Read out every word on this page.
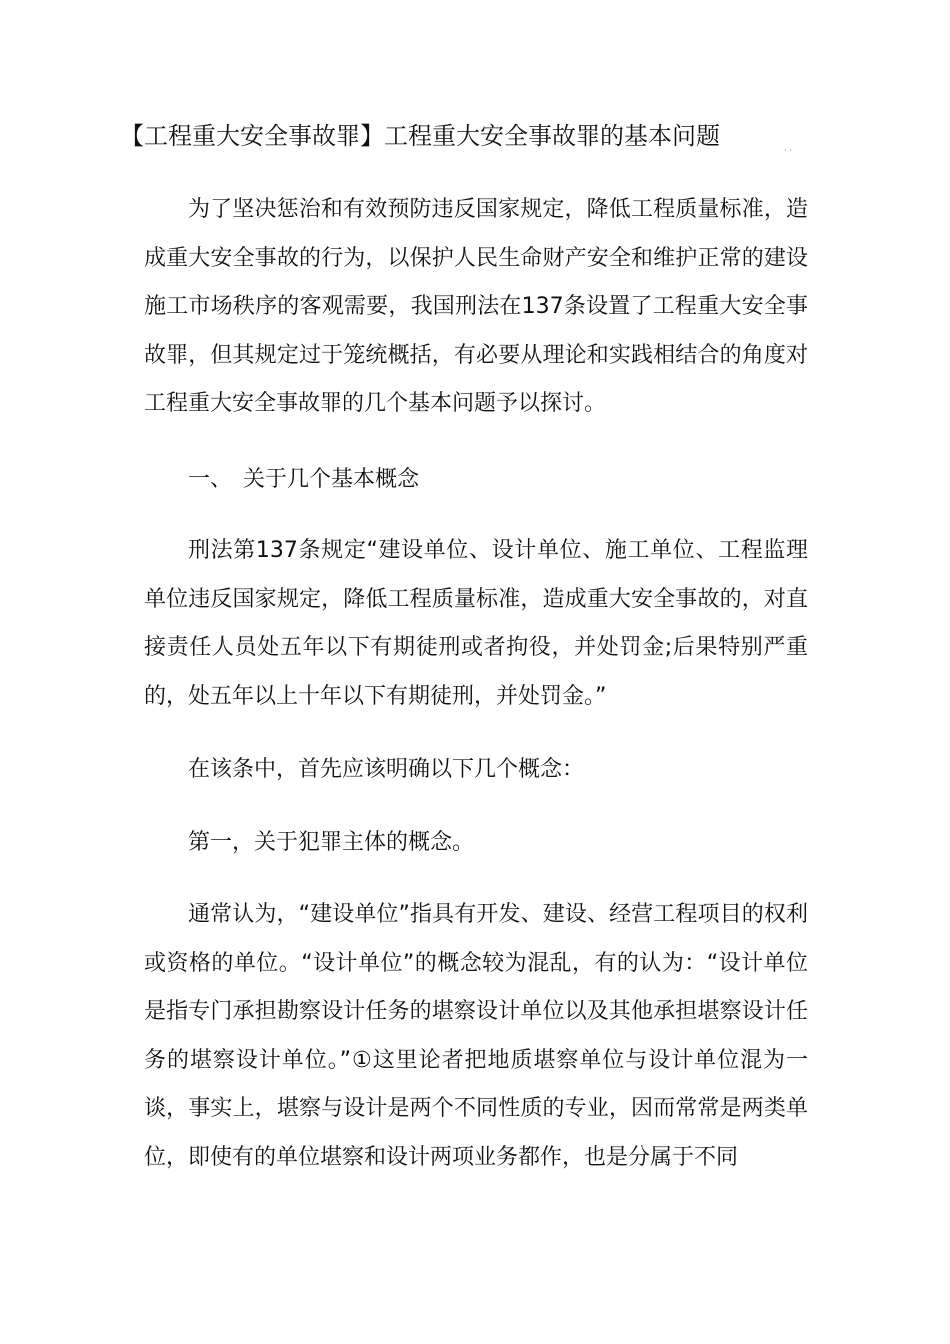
【工程重大安全事故罪】工程重大安全事故罪的基本问题
· ·

为了坚决惩治和有效预防违反国家规定，降低工程质量标准，造成重大安全事故的行为，以保护人民生命财产安全和维护正常的建设施工市场秩序的客观需要，我国刑法在137条设置了工程重大安全事故罪，但其规定过于笼统概括，有必要从理论和实践相结合的角度对工程重大安全事故罪的几个基本问题予以探讨。

一、　关于几个基本概念

刑法第137条规定“建设单位、设计单位、施工单位、工程监理单位违反国家规定，降低工程质量标准，造成重大安全事故的，对直接责任人员处五年以下有期徒刑或者拘役，并处罚金;后果特别严重的，处五年以上十年以下有期徒刑，并处罚金。”

在该条中，首先应该明确以下几个概念：

第一，关于犯罪主体的概念。

通常认为，“建设单位”指具有开发、建设、经营工程项目的权利或资格的单位。“设计单位”的概念较为混乱，有的认为：“设计单位是指专门承担勘察设计任务的堪察设计单位以及其他承担堪察设计任务的堪察设计单位。”①这里论者把地质堪察单位与设计单位混为一谈，事实上，堪察与设计是两个不同性质的专业，因而常常是两类单位，即使有的单位堪察和设计两项业务都作，也是分属于不同
